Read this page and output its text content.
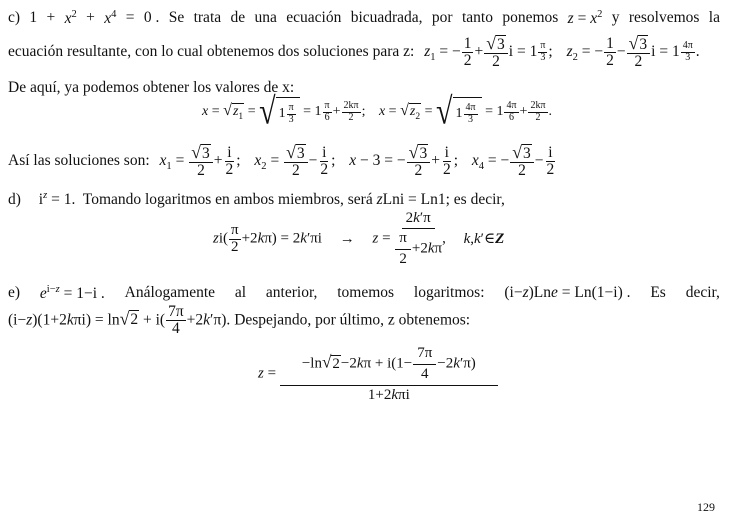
c) $1 + x^2 + x^4 = 0$ . Se trata de una ecuación bicuadrada, por tanto ponemos $z = x^2$ y resolvemos la
ecuación resultante, con lo cual obtenemos dos soluciones para z: $z_1$ = − $\frac{1}{2} + \frac{√3}{2}$ $i = 1 \frac{\pi}{3}$ ; $z_2$ = − $\frac{1}{2} - \frac{√3}{2}$ $i = 1 \frac{4\pi}{3}$ .
De aquí, ya podemos obtener los valores de x:
$x = √z_1$ = √ $1 \frac{\pi}{3} = 1 \frac{\pi}{6} + \frac{2k\pi}{2}$ ; $x = √z_2$ = √ $1 \frac{4\pi}{3} = 1 \frac{4\pi}{6} + \frac{2k\pi}{2}$ .
Así las soluciones son: $x_1 = \frac{√3}{2} + \frac{i}{2}$ ; $x_2 = \frac{√3}{2} - \frac{i}{2}$ ; x − 3 = − $\frac{√3}{2} + \frac{i}{2}$ ; $x_4$ = − $\frac{√3}{2} - \frac{i}{2}$
d) $i^z = 1$.  Tomando logaritmos en ambos miembros, será zLni = Ln1; es decir,
$zi( \frac{\pi}{2} +2k\pi) = 2k'\pi i \to z = \frac{2k'\pi}{\frac{\pi}{2} +2k\pi}$ , k,k′∈Z
e) $e^{i-z} = 1-i$ . Análogamente al anterior, tomemos logaritmos: (i−z)Lne = Ln(1−i) . Es decir,
$(i-z)(1+2k\pi i) = \ln√2 + i( \frac{7\pi}{4} +2k'\pi)$. Despejando, por último, z obtenemos:
$z = \frac{-\ln√2-2k\pi + i(1- \frac{7\pi}{4} -2k'\pi)}{\text{1+2kπi}}$
129
